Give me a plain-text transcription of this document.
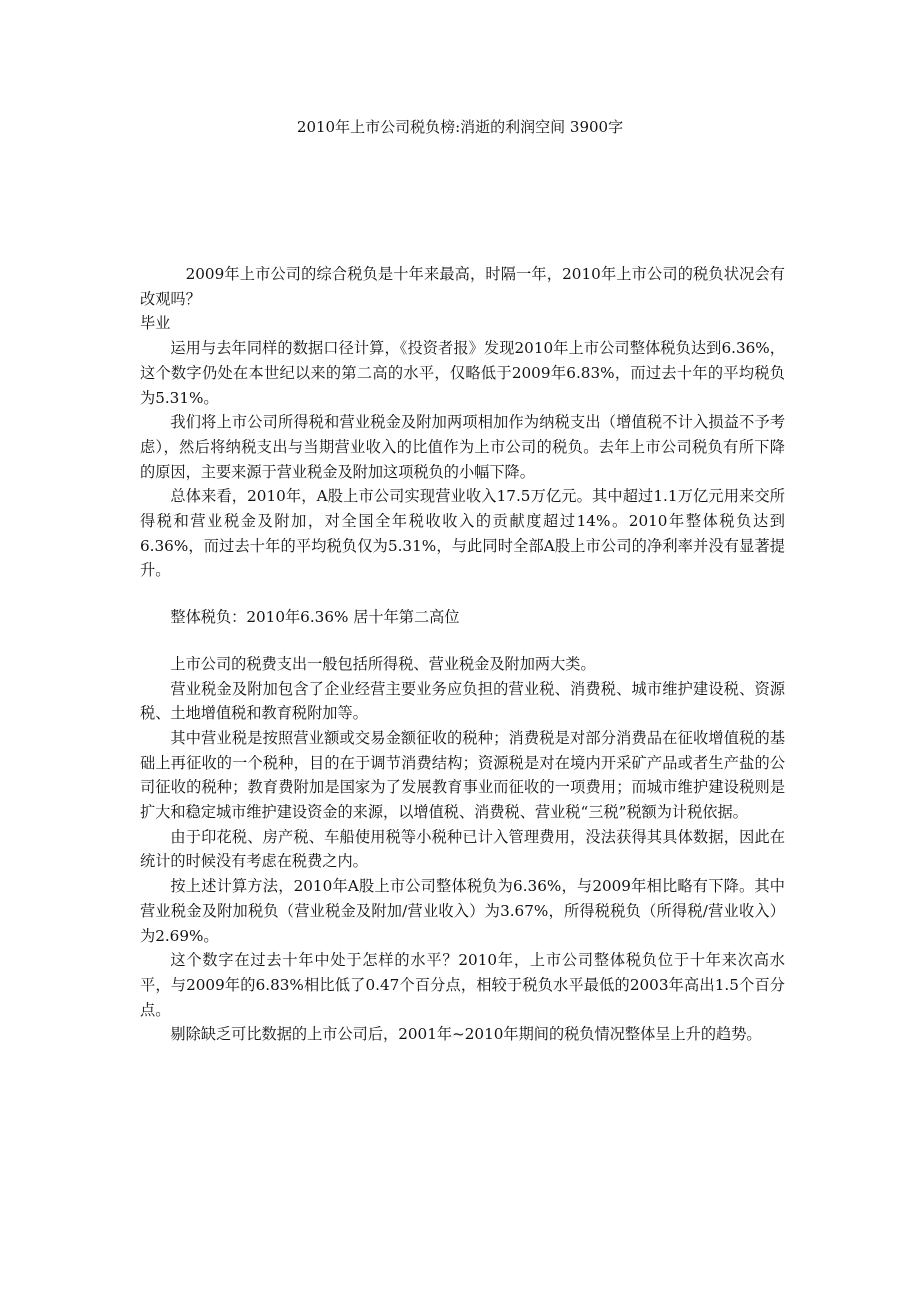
2010年上市公司税负榜:消逝的利润空间 3900字

2009年上市公司的综合税负是十年来最高，时隔一年，2010年上市公司的税负状况会有改观吗？

毕业

运用与去年同样的数据口径计算，《投资者报》发现2010年上市公司整体税负达到6.36%，这个数字仍处在本世纪以来的第二高的水平，仅略低于2009年6.83%，而过去十年的平均税负为5.31%。

我们将上市公司所得税和营业税金及附加两项相加作为纳税支出（增值税不计入损益不予考虑），然后将纳税支出与当期营业收入的比值作为上市公司的税负。去年上市公司税负有所下降的原因，主要来源于营业税金及附加这项税负的小幅下降。

总体来看，2010年，A股上市公司实现营业收入17.5万亿元。其中超过1.1万亿元用来交所得税和营业税金及附加，对全国全年税收收入的贡献度超过14%。2010年整体税负达到6.36%，而过去十年的平均税负仅为5.31%，与此同时全部A股上市公司的净利率并没有显著提升。

整体税负：2010年6.36% 居十年第二高位

上市公司的税费支出一般包括所得税、营业税金及附加两大类。

营业税金及附加包含了企业经营主要业务应负担的营业税、消费税、城市维护建设税、资源税、土地增值税和教育税附加等。

其中营业税是按照营业额或交易金额征收的税种；消费税是对部分消费品在征收增值税的基础上再征收的一个税种，目的在于调节消费结构；资源税是对在境内开采矿产品或者生产盐的公司征收的税种；教育费附加是国家为了发展教育事业而征收的一项费用；而城市维护建设税则是扩大和稳定城市维护建设资金的来源，以增值税、消费税、营业税“三税”税额为计税依据。

由于印花税、房产税、车船使用税等小税种已计入管理费用，没法获得其具体数据，因此在统计的时候没有考虑在税费之内。

按上述计算方法，2010年A股上市公司整体税负为6.36%，与2009年相比略有下降。其中营业税金及附加税负（营业税金及附加/营业收入）为3.67%，所得税税负（所得税/营业收入）为2.69%。

这个数字在过去十年中处于怎样的水平？2010年，上市公司整体税负位于十年来次高水平，与2009年的6.83%相比低了0.47个百分点，相较于税负水平最低的2003年高出1.5个百分点。

剔除缺乏可比数据的上市公司后，2001年~2010年期间的税负情况整体呈上升的趋势。
